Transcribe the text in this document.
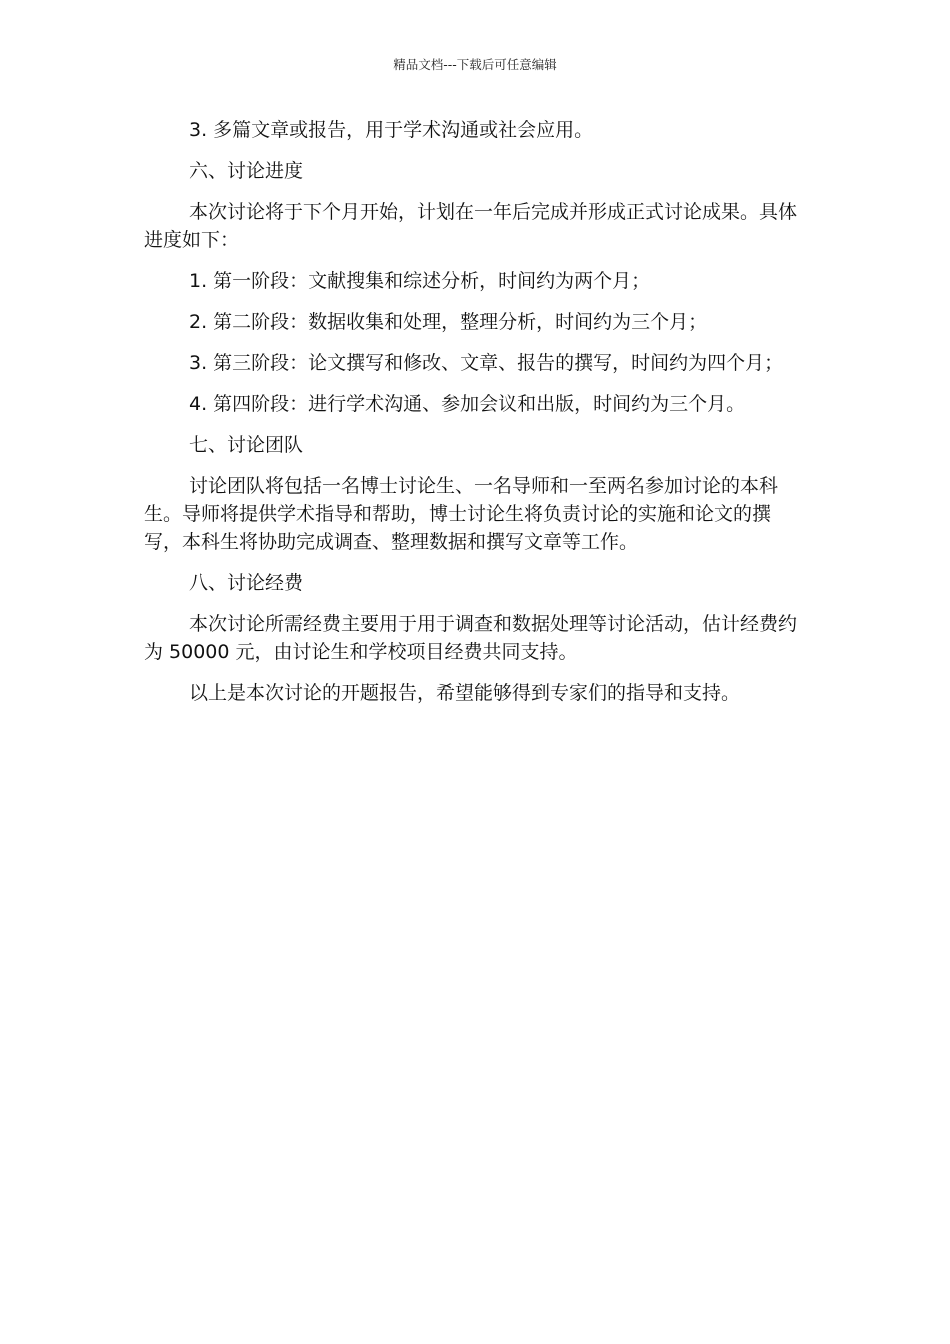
精品文档---下载后可任意编辑

3. 多篇文章或报告，用于学术沟通或社会应用。

六、讨论进度

本次讨论将于下个月开始，计划在一年后完成并形成正式讨论成果。具体进度如下：

1. 第一阶段：文献搜集和综述分析，时间约为两个月；

2. 第二阶段：数据收集和处理，整理分析，时间约为三个月；

3. 第三阶段：论文撰写和修改、文章、报告的撰写，时间约为四个月；

4. 第四阶段：进行学术沟通、参加会议和出版，时间约为三个月。

七、讨论团队

讨论团队将包括一名博士讨论生、一名导师和一至两名参加讨论的本科生。导师将提供学术指导和帮助，博士讨论生将负责讨论的实施和论文的撰写，本科生将协助完成调查、整理数据和撰写文章等工作。

八、讨论经费

本次讨论所需经费主要用于用于调查和数据处理等讨论活动，估计经费约为 50000 元，由讨论生和学校项目经费共同支持。

以上是本次讨论的开题报告，希望能够得到专家们的指导和支持。
